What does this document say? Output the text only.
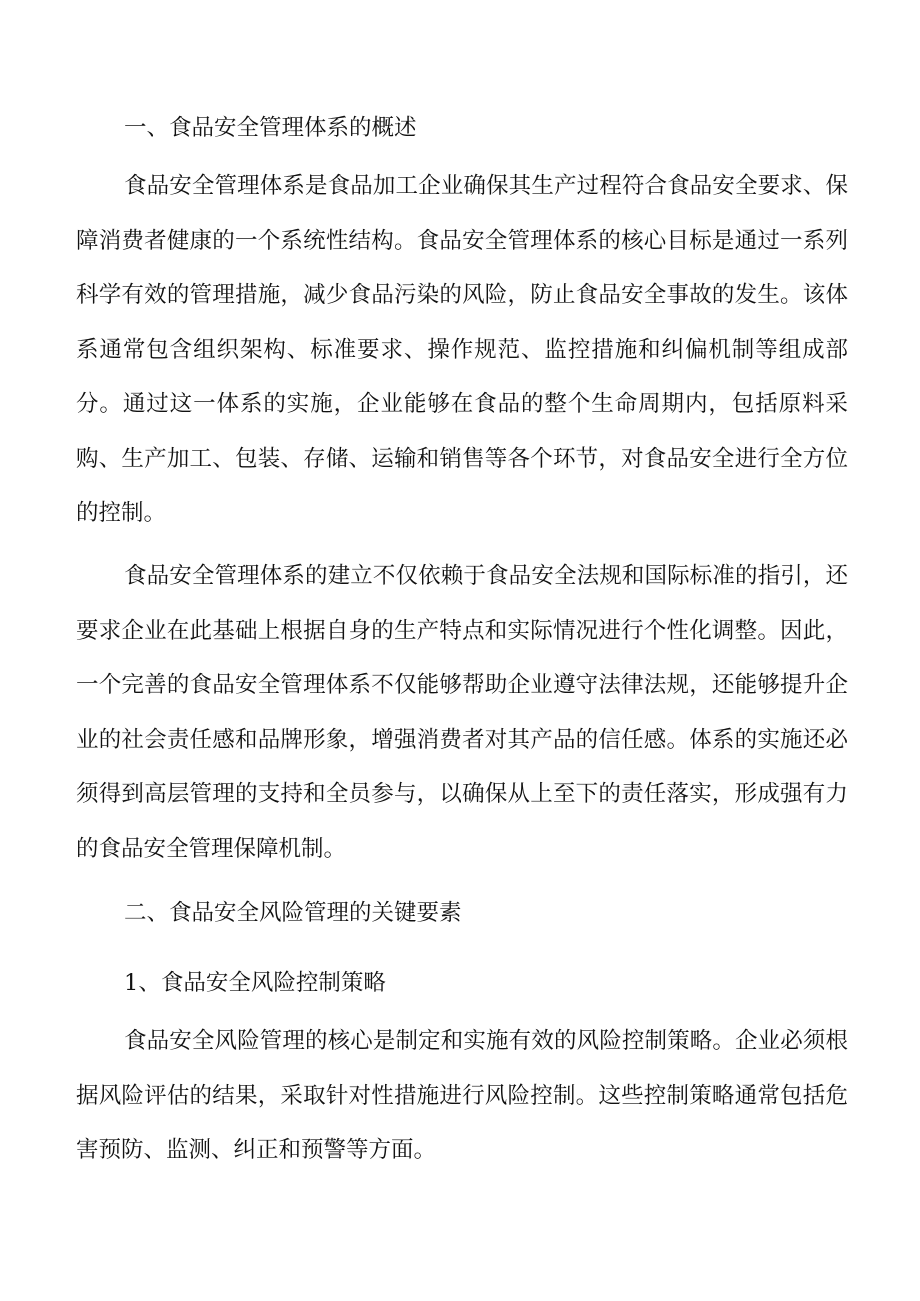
一、食品安全管理体系的概述

食品安全管理体系是食品加工企业确保其生产过程符合食品安全要求、保障消费者健康的一个系统性结构。食品安全管理体系的核心目标是通过一系列科学有效的管理措施，减少食品污染的风险，防止食品安全事故的发生。该体系通常包含组织架构、标准要求、操作规范、监控措施和纠偏机制等组成部分。通过这一体系的实施，企业能够在食品的整个生命周期内，包括原料采购、生产加工、包装、存储、运输和销售等各个环节，对食品安全进行全方位的控制。

食品安全管理体系的建立不仅依赖于食品安全法规和国际标准的指引，还要求企业在此基础上根据自身的生产特点和实际情况进行个性化调整。因此，一个完善的食品安全管理体系不仅能够帮助企业遵守法律法规，还能够提升企业的社会责任感和品牌形象，增强消费者对其产品的信任感。体系的实施还必须得到高层管理的支持和全员参与，以确保从上至下的责任落实，形成强有力的食品安全管理保障机制。

二、食品安全风险管理的关键要素
1、食品安全风险控制策略

食品安全风险管理的核心是制定和实施有效的风险控制策略。企业必须根据风险评估的结果，采取针对性措施进行风险控制。这些控制策略通常包括危害预防、监测、纠正和预警等方面。
